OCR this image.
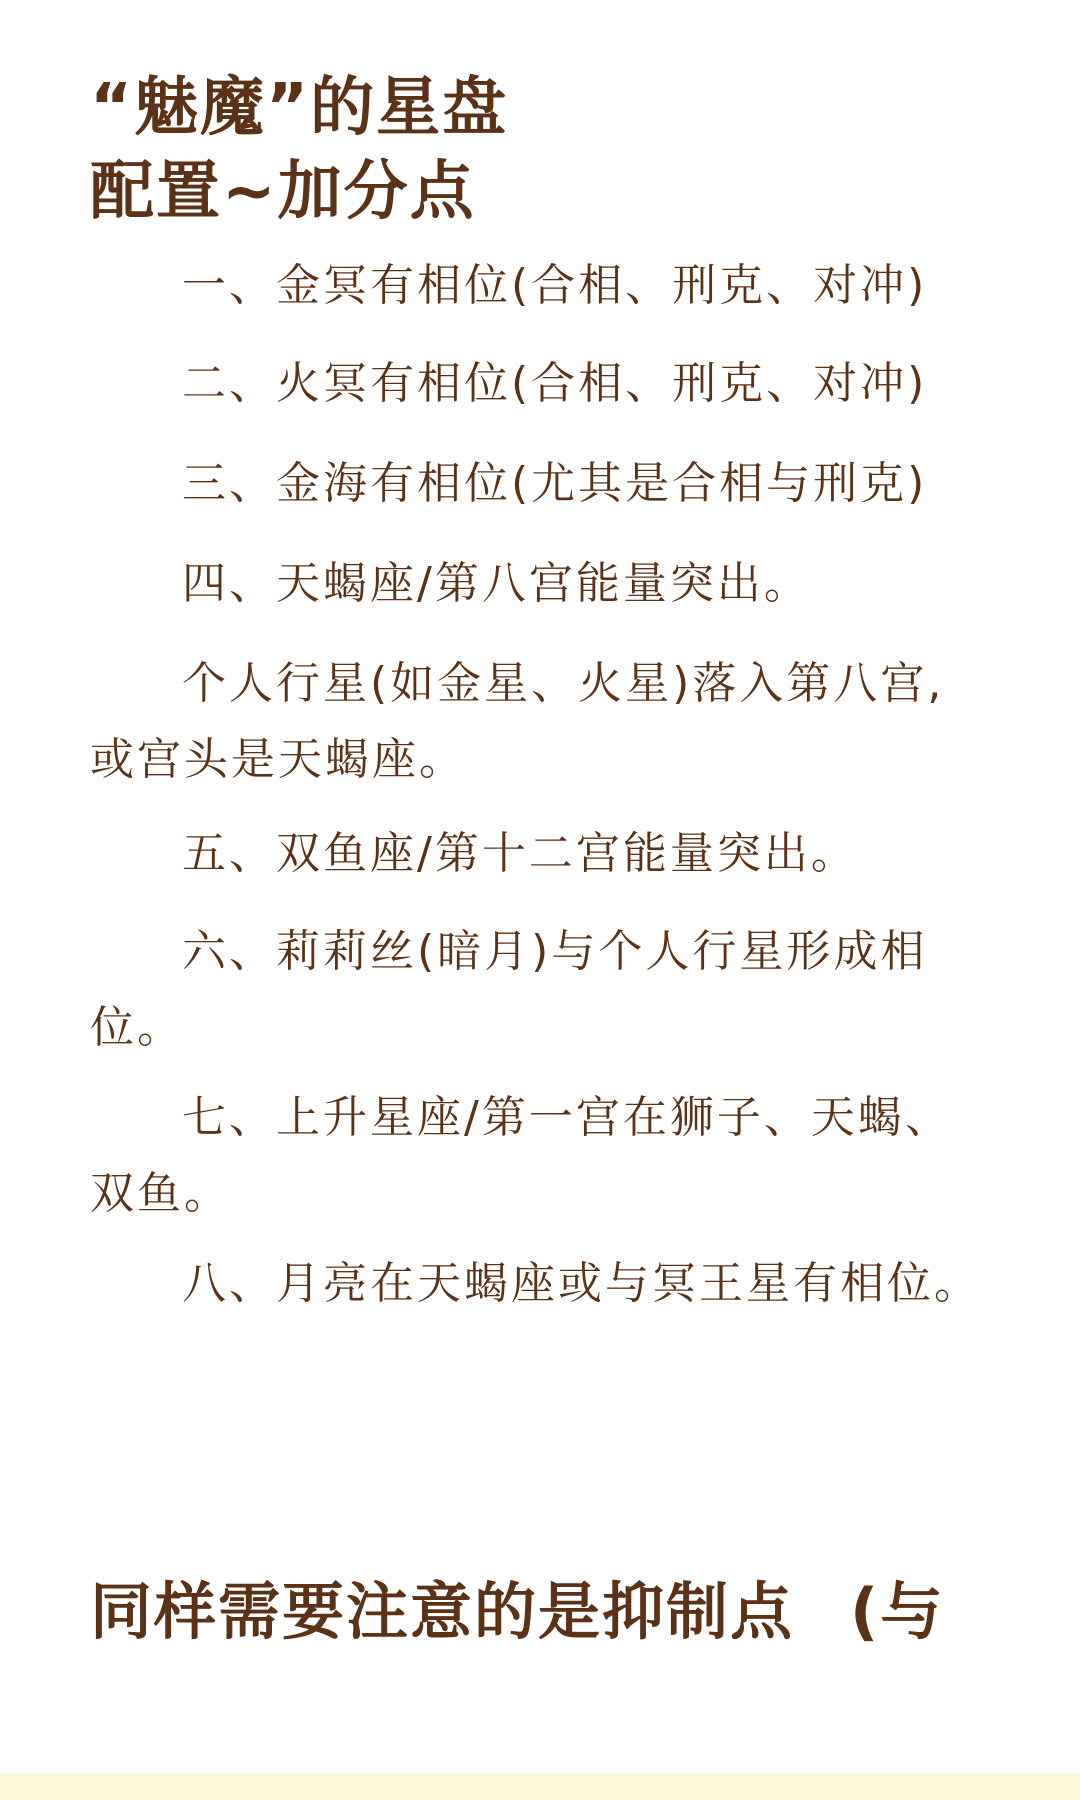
“魅魔”的星盘
配置~加分点
一、金冥有相位(合相、刑克、对冲)
二、火冥有相位(合相、刑克、对冲)
三、金海有相位(尤其是合相与刑克)
四、天蝎座/第八宫能量突出。
个人行星(如金星、火星)落入第八宫,
或宫头是天蝎座。
五、双鱼座/第十二宫能量突出。
六、莉莉丝(暗月)与个人行星形成相
位。
七、上升星座/第一宫在狮子、天蝎、
双鱼。
八、月亮在天蝎座或与冥王星有相位。
同样需要注意的是抑制点 (与
